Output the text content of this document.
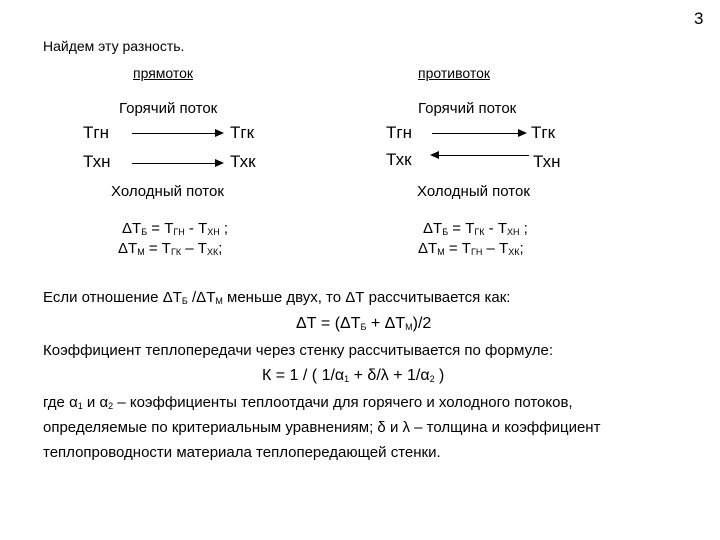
3
Найдем эту разность.
прямоток
Горячий поток
Тгн	Тгк
Тхн	Тхк
Холодный поток
$\Delta Т_Б = Т_{ГН} - Т_{ХН}$ ;
$\Delta Т_М = Т_{ГК} - Т_{ХК}$;
противоток
Горячий поток
Тгн	Тгк
Тхк	Тхн
Холодный поток
$\Delta Т_Б = Т_{ГК} - Т_{ХН}$ ;
$\Delta Т_М = Т_{ГН} - Т_{ХК}$;
Если отношение $\Delta Т_Б$ $/\Delta Т_М$ меньше двух, то ΔТ рассчитывается как:
$\Delta Т = (\Delta Т_Б + \Delta Т_М)/2$
Коэффициент теплопередачи через стенку рассчитывается по формуле:
К = 1 / ( $1/\alpha_1 + \delta/\lambda + 1/\alpha_2$ )
где $\alpha_1$ и $\alpha_2$ – коэффициенты теплоотдачи для горячего и холодного потоков,
определяемые по критериальным уравнениям; δ и λ – толщина и коэффициент
теплопроводности материала теплопередающей стенки.
